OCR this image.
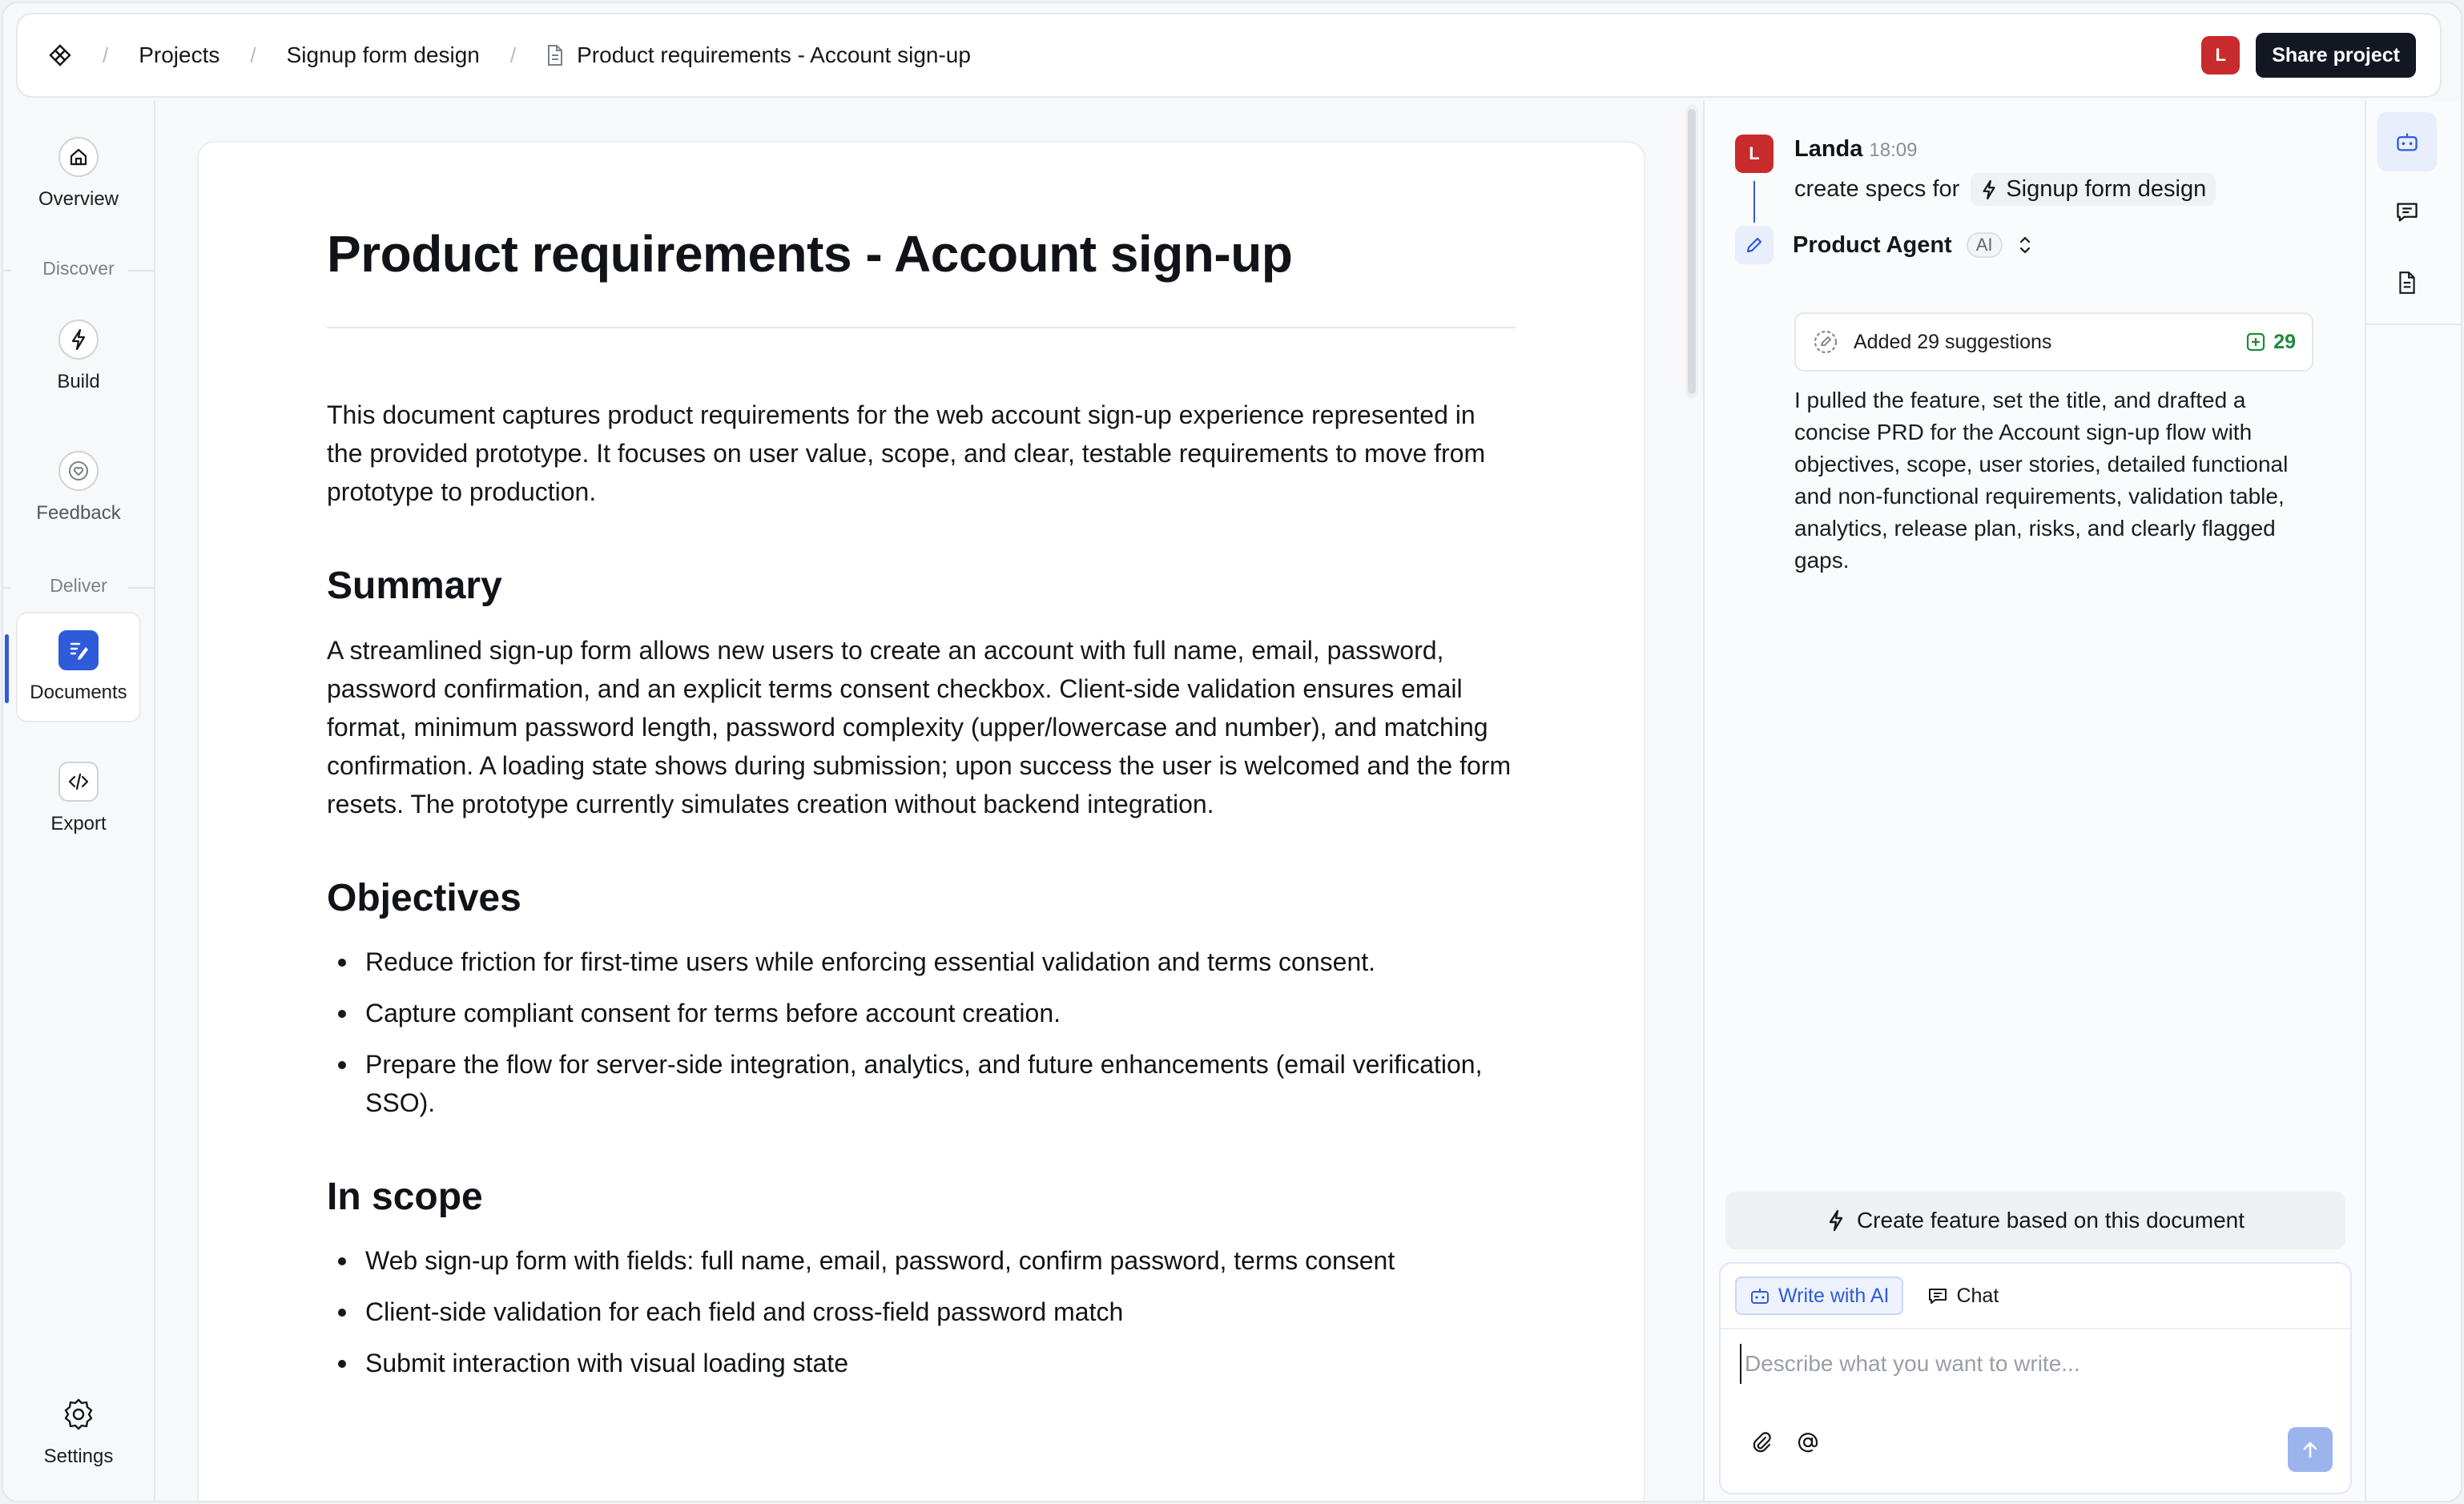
/ Projects / Signup form design /	Product requirements - Account sign-up	L	Share project
Overview
Discover
Build
Feedback
Deliver
Documents
Export
Settings
Product requirements - Account sign-up

This document captures product requirements for the web account sign-up experience represented in the provided prototype. It focuses on user value, scope, and clear, testable requirements to move from prototype to production.

Summary

A streamlined sign-up form allows new users to create an account with full name, email, password, password confirmation, and an explicit terms consent checkbox. Client-side validation ensures email format, minimum password length, password complexity (upper/lowercase and number), and matching confirmation. A loading state shows during submission; upon success the user is welcomed and the form resets. The prototype currently simulates creation without backend integration.

Objectives
Reduce friction for first-time users while enforcing essential validation and terms consent.
Capture compliant consent for terms before account creation.
Prepare the flow for server-side integration, analytics, and future enhancements (email verification, SSO).
In scope
Web sign-up form with fields: full name, email, password, confirm password, terms consent
Client-side validation for each field and cross-field password match
Submit interaction with visual loading state
L	Landa 18:09
create specs for Signup form design
Product Agent	AI
Added 29 suggestions	29

I pulled the feature, set the title, and drafted a concise PRD for the Account sign-up flow with objectives, scope, user stories, detailed functional and non-functional requirements, validation table, analytics, release plan, risks, and clearly flagged gaps.

Create feature based on this document
Write with AI	Chat
Describe what you want to write...
